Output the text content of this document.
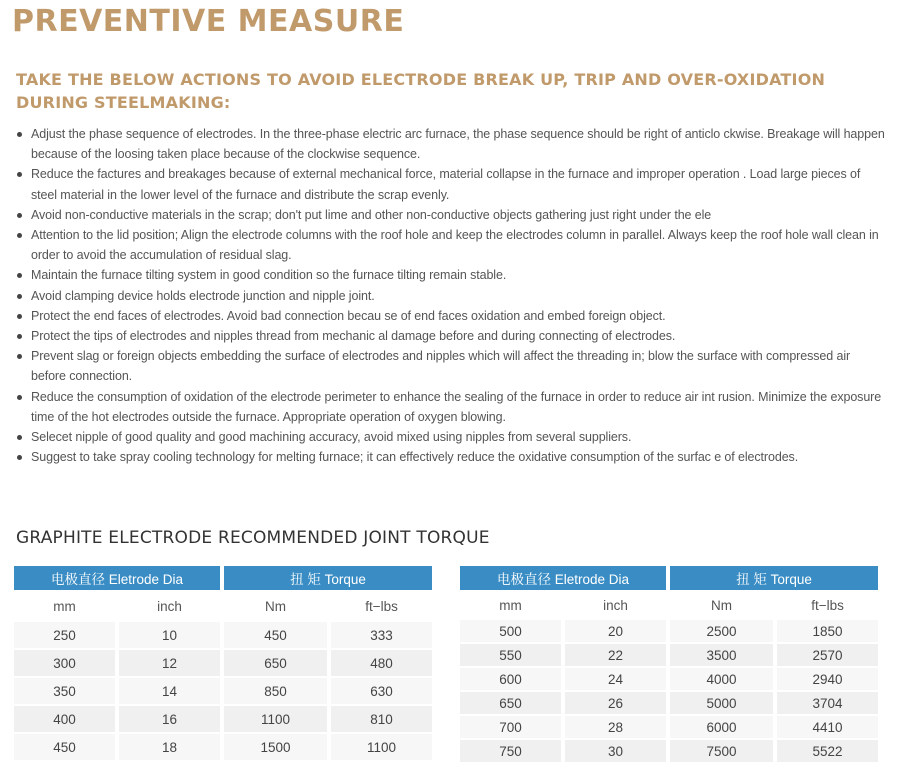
PREVENTIVE MEASURE
TAKE THE BELOW ACTIONS TO AVOID ELECTRODE BREAK UP, TRIP AND OVER-OXIDATION DURING STEELMAKING:
Adjust the phase sequence of electrodes. In the three-phase electric arc furnace, the phase sequence should be right of anticlo ckwise. Breakage will happen because of the loosing taken place because of the clockwise sequence.
Reduce the factures and breakages because of external mechanical force, material collapse in the furnace and improper operation . Load large pieces of steel material in the lower level of the furnace and distribute the scrap evenly.
Avoid non-conductive materials in the scrap; don't put lime and other non-conductive objects gathering just right under the ele
Attention to the lid position; Align the electrode columns with the roof hole and keep the electrodes column in parallel. Always keep the roof hole wall clean in order to avoid the accumulation of residual slag.
Maintain the furnace tilting system in good condition so the furnace tilting remain stable.
Avoid clamping device holds electrode junction and nipple joint.
Protect the end faces of electrodes. Avoid bad connection becau se of end faces oxidation and embed foreign object.
Protect the tips of electrodes and nipples thread from mechanic al damage before and during connecting of electrodes.
Prevent slag or foreign objects embedding the surface of electrodes and nipples which will affect the threading in; blow the surface with compressed air before connection.
Reduce the consumption of oxidation of the electrode perimeter to enhance the sealing of the furnace in order to reduce air int rusion. Minimize the exposure time of the hot electrodes outside the furnace. Appropriate operation of oxygen blowing.
Selecet nipple of good quality and good machining accuracy, avoid mixed using nipples from several suppliers.
Suggest to take spray cooling technology for melting furnace; it can effectively reduce the oxidative consumption of the surfac e of electrodes.
GRAPHITE ELECTRODE RECOMMENDED JOINT TORQUE
电极直径 Eletrode Dia		扭 矩 Torque	
mm	inch	Nm	ft−lbs
250	10	450	333
300	12	650	480
350	14	850	630
400	16	1100	810
450	18	1500	1100
电极直径 Eletrode Dia		扭 矩 Torque	
mm	inch	Nm	ft−lbs
500	20	2500	1850
550	22	3500	2570
600	24	4000	2940
650	26	5000	3704
700	28	6000	4410
750	30	7500	5522
